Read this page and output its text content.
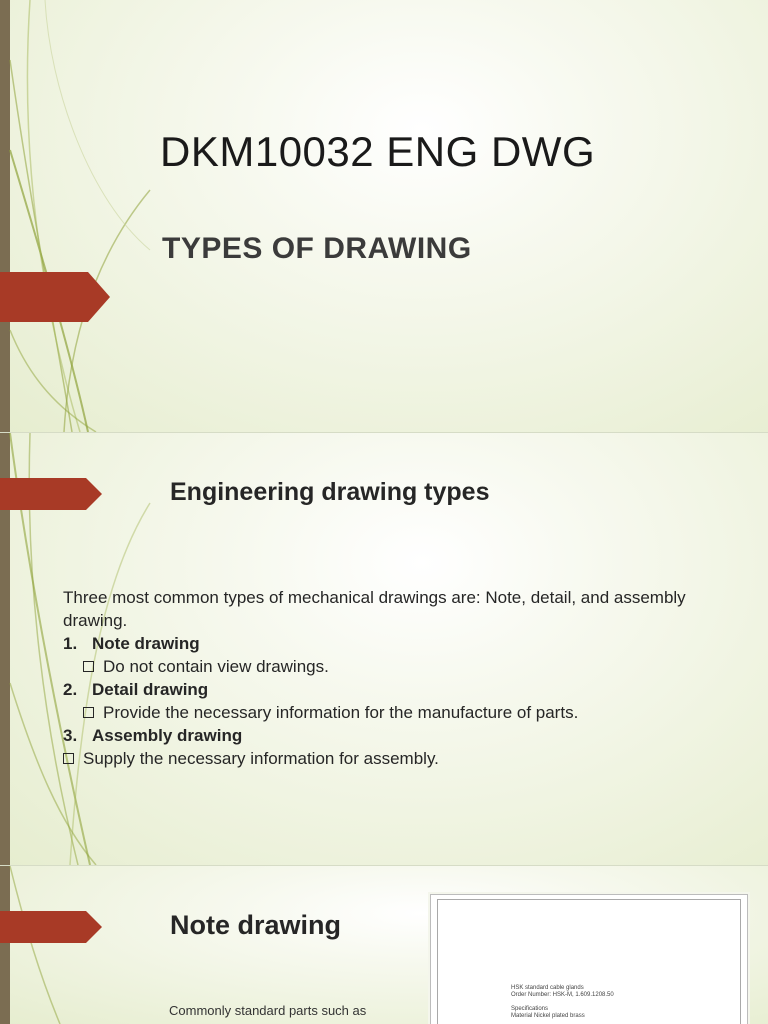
DKM10032 ENG DWG
TYPES OF DRAWING
Engineering drawing types

Three most common types of mechanical drawings are: Note, detail, and assembly drawing.

1. Note drawing

Do not contain view drawings.

2. Detail drawing

Provide the necessary information for the manufacture of parts.

3. Assembly drawing

Supply the necessary information for assembly.

Note drawing

Commonly standard parts such as

HSK standard cable glands
Order Number: HSK-M, 1.609.1208.50

Specifications
Material Nickel plated brass
